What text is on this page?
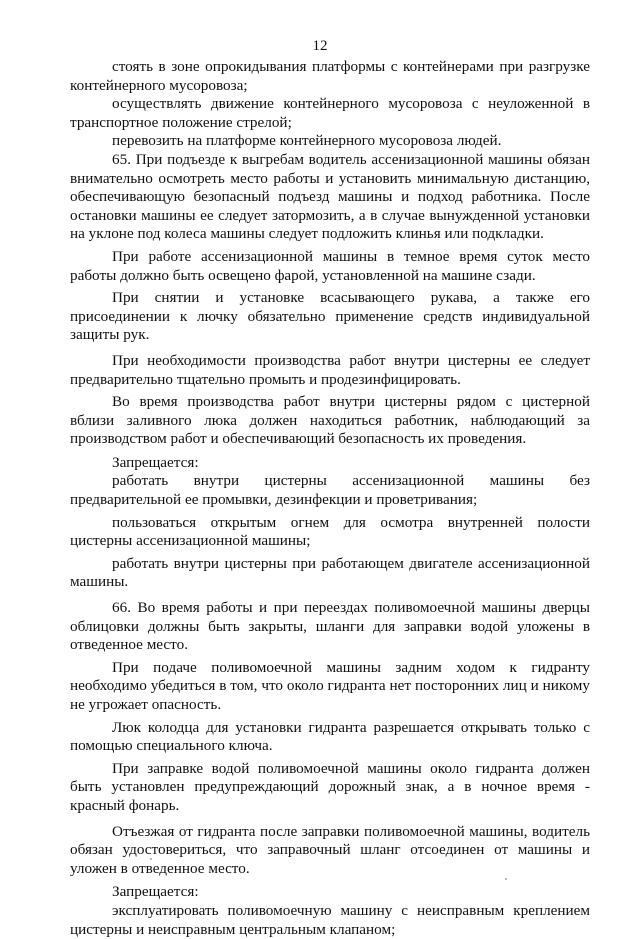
12

стоять в зоне опрокидывания платформы с контейнерами при разгрузке контейнерного мусоровоза;

осуществлять движение контейнерного мусоровоза с неуложенной в транспортное положение стрелой;

перевозить на платформе контейнерного мусоровоза людей.

65. При подъезде к выгребам водитель ассенизационной машины обязан внимательно осмотреть место работы и установить минимальную дистанцию, обеспечивающую безопасный подъезд машины и подход работника. После остановки машины ее следует затормозить, а в случае вынужденной установки на уклоне под колеса машины следует подложить клинья или подкладки.

При работе ассенизационной машины в темное время суток место работы должно быть освещено фарой, установленной на машине сзади.

При снятии и установке всасывающего рукава, а также его присоединении к лючку обязательно применение средств индивидуальной защиты рук.

При необходимости производства работ внутри цистерны ее следует предварительно тщательно промыть и продезинфицировать.

Во время производства работ внутри цистерны рядом с цистерной вблизи заливного люка должен находиться работник, наблюдающий за производством работ и обеспечивающий безопасность их проведения.

Запрещается:

работать внутри цистерны ассенизационной машины без предварительной ее промывки, дезинфекции и проветривания;

пользоваться открытым огнем для осмотра внутренней полости цистерны ассенизационной машины;

работать внутри цистерны при работающем двигателе ассенизационной машины.

66. Во время работы и при переездах поливомоечной машины дверцы облицовки должны быть закрыты, шланги для заправки водой уложены в отведенное место.

При подаче поливомоечной машины задним ходом к гидранту необходимо убедиться в том, что около гидранта нет посторонних лиц и никому не угрожает опасность.

Люк колодца для установки гидранта разрешается открывать только с помощью специального ключа.

При заправке водой поливомоечной машины около гидранта должен быть установлен предупреждающий дорожный знак, а в ночное время - красный фонарь.

Отъезжая от гидранта после заправки поливомоечной машины, водитель обязан удостовериться, что заправочный шланг отсоединен от машины и уложен в отведенное место.

Запрещается:

эксплуатировать поливомоечную машину с неисправным креплением цистерны и неисправным центральным клапаном;
